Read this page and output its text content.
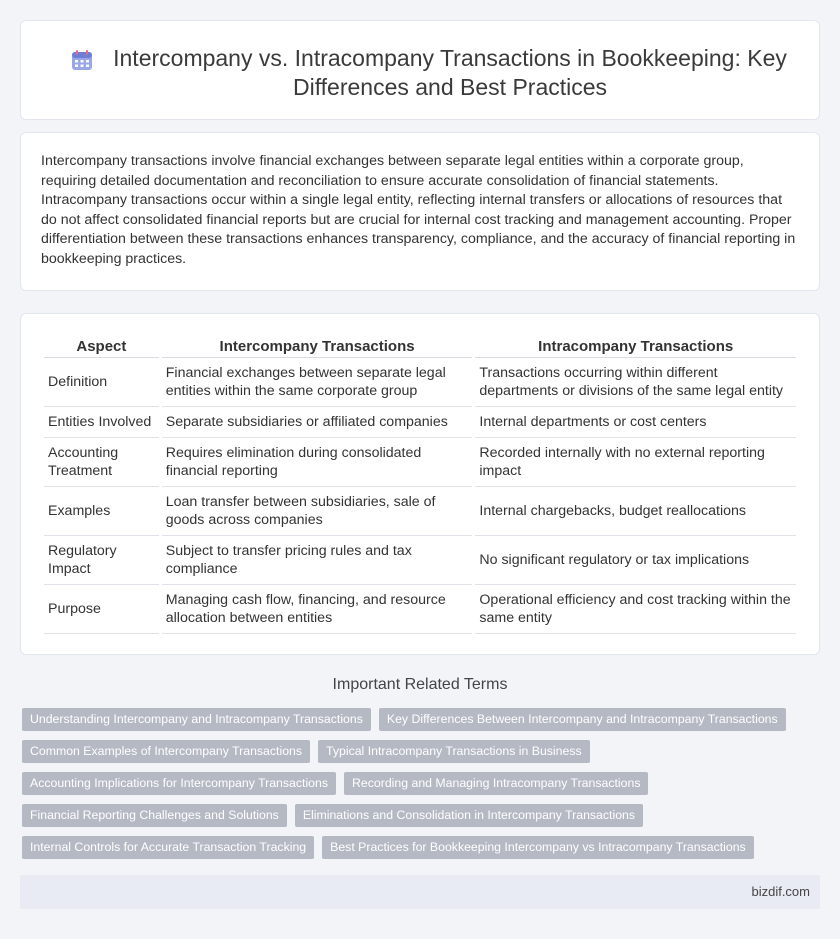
Intercompany vs. Intracompany Transactions in Bookkeeping: Key Differences and Best Practices

Intercompany transactions involve financial exchanges between separate legal entities within a corporate group, requiring detailed documentation and reconciliation to ensure accurate consolidation of financial statements. Intracompany transactions occur within a single legal entity, reflecting internal transfers or allocations of resources that do not affect consolidated financial reports but are crucial for internal cost tracking and management accounting. Proper differentiation between these transactions enhances transparency, compliance, and the accuracy of financial reporting in bookkeeping practices.

Aspect	Intercompany Transactions	Intracompany Transactions
Definition	Financial exchanges between separate legal entities within the same corporate group	Transactions occurring within different departments or divisions of the same legal entity
Entities Involved	Separate subsidiaries or affiliated companies	Internal departments or cost centers
Accounting Treatment	Requires elimination during consolidated financial reporting	Recorded internally with no external reporting impact
Examples	Loan transfer between subsidiaries, sale of goods across companies	Internal chargebacks, budget reallocations
Regulatory Impact	Subject to transfer pricing rules and tax compliance	No significant regulatory or tax implications
Purpose	Managing cash flow, financing, and resource allocation between entities	Operational efficiency and cost tracking within the same entity
Important Related Terms
Understanding Intercompany and Intracompany Transactions	Key Differences Between Intercompany and Intracompany Transactions
Common Examples of Intercompany Transactions	Typical Intracompany Transactions in Business
Accounting Implications for Intercompany Transactions	Recording and Managing Intracompany Transactions
Financial Reporting Challenges and Solutions	Eliminations and Consolidation in Intercompany Transactions
Internal Controls for Accurate Transaction Tracking	Best Practices for Bookkeeping Intercompany vs Intracompany Transactions
bizdif.com
